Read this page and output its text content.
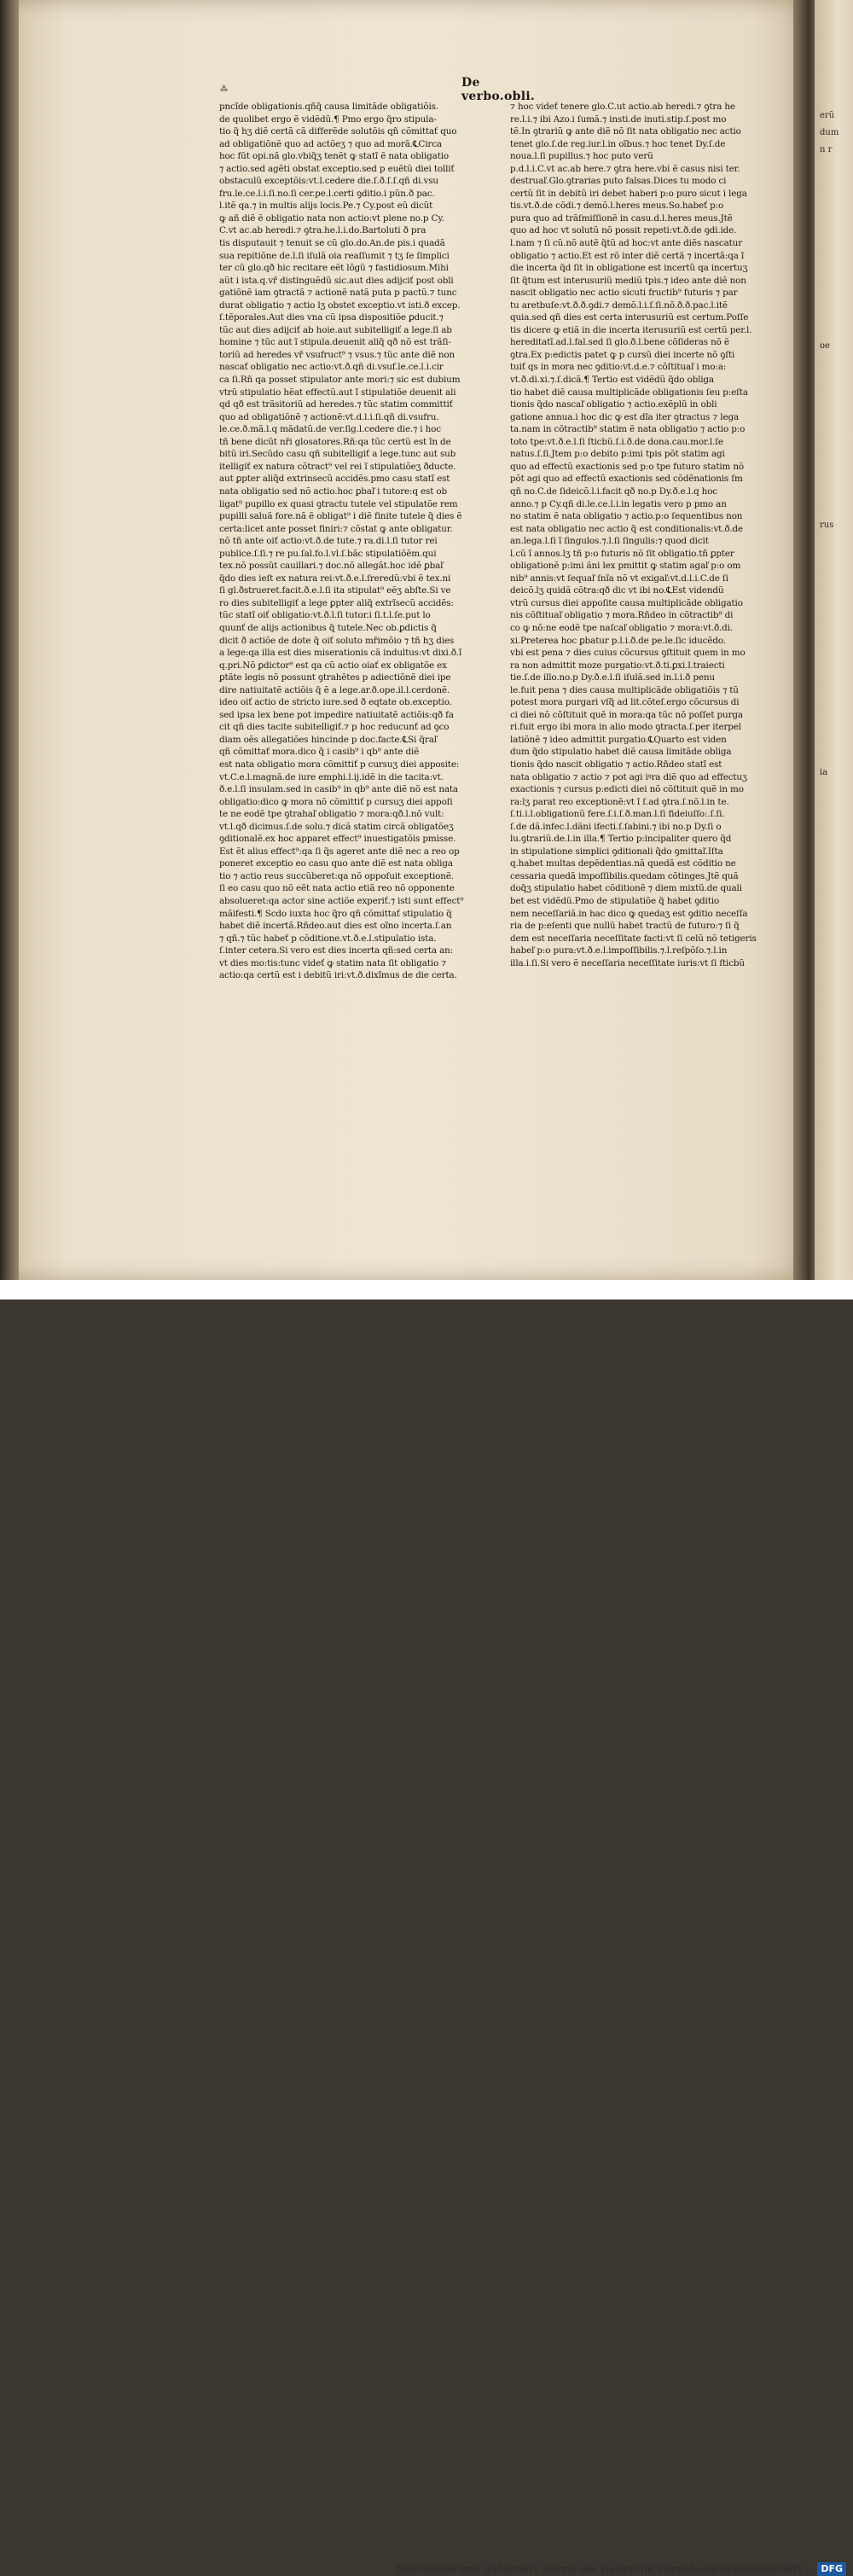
erũ
dum
n r
oe
rus
ia
De verbo.obli.
⁂
pncĩde obligationis.qñq̃ causa limitãde obligatiõis.
de quolibet ergo ẽ vidẽdũ.¶ Pmo ergo q̃ro stipula‑
tio q̃ hʒ diẽ certã cã differẽde solutõis qñ cõmittať quo
ad obligatiõnẽ quo ad actõeʒ ⁊ quo ad morã.℄Circa
hoc fũt opi.nã glo.vbiq̃ʒ tenẽt ꝙ statĩ ẽ nata obligatio
⁊ actio.sed agẽti obstat exceptio.sed p euẽtũ diei tolliť
obstaculũ exceptõis:vt.l.cedere die.ſ.ð.ſ.ſ.qñ di.vsu
fru.le.ce.l.i.ſi.no.ſi cer.pe.l.certi ꝯditio.i pũn.ð pac.
l.itẽ qa.⁊ in multis alijs locis.Pe.⁊ Cy.post eũ dicũt
ꝙ añ diẽ ẽ obligatio nata non actio:vt plene no.p Cy.
C.vt ac.ab heredi.⁊ ꝯtra.he.l.i.do.Bartoluti ð pra
tis disputauit ⁊ tenuit se cũ glo.do.An.de pis.i quadã
sua repitiõne de.l.ſi iſulã oia reaſſumit ⁊ tʒ ſe ſimplici
ter cũ glo.qð hic recitare eẽt lõgũ ⁊ fastidiosum.Mihi
aũt i ista.q.vř distinguẽdũ sic.aut dies adijciť post obli
gatiõnẽ iam ꝯtractã ⁊ actionẽ natã puta p pactũ.⁊ tunc
durat obligatio ⁊ actio lʒ obstet exceptio.vt isti.ð excep.
ſ.tẽporales.Aut dies vna cũ ipsa dispositiõe ꝑducit.⁊
tũc aut dies adijciť ab hoie.aut subitelligiť a lege.ſi ab
homine ⁊ tũc aut ĩ stipula.deuenit aliq̃ qð nõ est trãſi‑
toriũ ad heredes vř vsufruct⁹ ⁊ vsus.⁊ tũc ante diẽ non
nascať obligatio nec actio:vt.ð.qñ di.vsuf.le.ce.l.i.cir
ca ſi.Rñ qa posset stipulator ante mori:⁊ sic est dubium
vtrũ stipulatio hẽat effectũ.aut ĩ stipulatiõe deuenit ali
qd qð est trãsitoriũ ad heredes.⁊ tũc statim committiť
quo ad obligatiõnẽ ⁊ actionẽ:vt.d.l.i.ſi.qñ di.vsufru.
le.ce.ð.mã.l.q mãdatũ.de ver.ſig.l.cedere die.⁊ i hoc
tñ bene dicũt nři glosatores.Rñ:qa tũc certũ est ĩn de
bitũ iri.Secũdo casu qñ subitelligiť a lege.tunc aut sub
itelligiť ex natura cõtract⁹ vel rei ĩ stipulatiõeʒ ðducte.
aut ꝑpter aliq̃d extrinsecũ accidẽs.pmo casu statĩ est
nata obligatio sed nõ actio.hoc ꝑbaľ i tutore:q est ob
ligat⁹ pupillo ex quasi ꝯtractu tutele vel stipulatõe rem
pupilli saluã fore.nã ẽ obligat⁹ i diẽ finite tutele q̃ dies ẽ
certa:licet ante posset finiri:⁊ cõstat ꝙ ante obligatur.
nõ tñ ante oiť actio:vt.ð.de tute.⁊ ra.di.l.ſi tutor rei
publice.ſ.ſi.⁊ re pu.ſal.fo.l.vl.ſ.bãc stipulatiõẽm.qui
tex.nõ possũt cauillari.⁊ doc.nõ allegãt.hoc idẽ ꝑbaľ
q̃do dies ieſt ex natura rei:vt.ð.e.l.ſreredũ:vbi ẽ tex.ni
ſi gl.ðstrueret.facit.ð.e.l.ſi ita stipulat⁹ eẽʒ abſte.Si ve
ro dies subitelligiť a lege ꝑpter aliq̃ extrĩsecũ accidẽs:
tũc statĩ oiť obligatio:vt.ð.l.ſi tutor.i ſi.t.l.ſe.put lo
quunť de alijs actionibus q̃ tutele.Nec ob.ꝑdictis q̃
dicit ð actiõe de dote q̃ oiť soluto mřimõio ⁊ tñ hʒ dies
a lege:qa illa est dies miserationis cã indultus:vt dixi.ð.ĩ
q.pri.Nõ ꝑdictor⁹ est qa cũ actio oiať ex obligatõe ex
ꝑtãte legis nõ possunt ꝯtrahẽtes p adiectiõnẽ diei ipe
dire natiuitatẽ actiõis q̃ ẽ a lege.ar.ð.ope.il.l.cerdonẽ.
ideo oiť actio de stricto iure.sed ð eqtate ob.exceptio.
sed ipsa lex bene pot impedire natiuitatẽ actiõis:qð fa
cit qñ dies tacite subitelligiť.⁊ p hoc reducunť ad ꝯco
diam oẽs allegatiões hincinde p doc.facte.℄Si q̃raľ
qñ cõmittať mora.dico q̃ i casib⁹ i qb⁹ ante diẽ
est nata obligatio mora cõmittiť p cursuʒ diei apposite:
vt.C.e.l.magnã.de iure emphi.l.ij.idẽ in die tacita:vt.
ð.e.l.ſi insulam.sed in casib⁹ in qb⁹ ante diẽ nõ est nata
obligatio:dico ꝙ mora nõ cõmittiť p cursuʒ diei appoſi
te ne eodẽ tpe ꝯtrahaľ obligatio ⁊ mora:qð.l.nõ vult:
vt.l.qð dicimus.ſ.de solu.⁊ dicã statim circã obligatõeʒ
ꝯditionalẽ.ex hoc apparet effect⁹ inuestigatõis pmisse.
Est ẽt alius effect⁹:qa ſi q̃s ageret ante diẽ nec a reo op
poneret exceptio eo casu quo ante diẽ est nata obliga
tio ⁊ actio reus succũberet:qa nõ oppoſuit exceptionẽ.
ſi eo casu quo nõ eẽt nata actio etiã reo nõ opponente
absolueret:qa actor sine actiõe experiť.⁊ isti sunt effect⁹
mãifesti.¶ Scdo iuxta hoc q̃ro qñ cõmittať stipulatio q̃
habet diẽ incertã.Rñdeo.aut dies est oĩno incerta.ſ.an
⁊ qñ.⁊ tũc habeť p cõditione.vt.ð.e.l.stipulatio ista.
ſ.inter cetera.Si vero est dies incerta qñ:sed certa an:
vt dies mo:tis:tunc videť ꝙ statim nata ſit obligatio ⁊
actio:qa certũ est i debitũ iri:vt.ð.dixĩmus de die certa.
⁊ hoc videť tenere glo.C.ut actio.ab heredi.⁊ ꝯtra he
re.l.i.⁊ ibi Azo.i ſumã.⁊ insti.de inuti.stip.ſ.post mo
tẽ.In ꝯtrariũ ꝙ ante diẽ nõ ſit nata obligatio nec actio
tenet glo.ſ.de reg.iur.l.in oĩbus.⁊ hoc tenet Dy.ſ.de
noua.l.ſi pupillus.⁊ hoc puto verũ
p.d.l.i.C.vt ac.ab here.⁊ ꝯtra here.vbi ẽ casus nisi ter.
destruaľ.Glo.ꝯtrarias puto falsas.Dices tu modo ci
certũ ſit in debitũ iri debet haberi p:o puro sicut i lega
tis.vt.ð.de cõdi.⁊ demõ.l.heres meus.So.habeť p:o
pura quo ad trãſmiſſionẽ in casu.d.l.heres meus.Jtẽ
quo ad hoc vt solutũ nõ possit repeti:vt.ð.de ꝯdi.ide.
l.nam ⁊ ſi cũ.nõ autẽ q̃tũ ad hoc:vt ante diẽs nascatur
obligatio ⁊ actio.Et est rõ inter diẽ certã ⁊ incertã:qa ĩ
die incerta q̃d ſit in obligatione est incertũ qa incertuʒ
ſit q̃tum est interusuriũ mediũ tpis.⁊ ideo ante diẽ non
nascit obligatio nec actio sicuti fructib⁹ futuris ⁊ par
tu aretbuſe:vt.ð.ð.ꝯdi.⁊ demõ.l.i.ſ.ſi.nõ.ð.ð.pac.l.itẽ
quia.sed qñ dies est certa interusuriũ est certum.Poſſe
tis dicere ꝙ etiã in die incerta iterusuriũ est certũ per.l.
hereditatĩ.ad.l.fal.sed ſi glo.ð.l.bene cõſideras nõ ẽ
ꝯtra.Ex p:edictis patet ꝙ p cursũ diei incerte nõ ꝯſti
tuiť qs in mora nec ꝯditio:vt.d.e.⁊ cõſtituaľ i mo:a:
vt.ð.di.xi.⁊.ſ.dicã.¶ Tertio est vidẽdũ q̃do obliga
tio habet diẽ causa multiplicãde obligationis ſeu p:eſta
tionis q̃do nascaľ obligatio ⁊ actio.exẽplũ in obli
gatione annua.i hoc dic ꝙ est dĩa iter ꝯtractus ⁊ lega
ta.nam in cõtractib⁹ statim ẽ nata obligatio ⁊ actio p:o
toto tpe:vt.ð.e.l.ſi ſticbũ.ſ.i.ð.de dona.cau.mor.l.ſe
natus.ſ.ſi.Jtem p:o debito p:imi tpis põt statim agi
quo ad effectũ exactionis sed p:o tpe futuro statim nõ
põt agi quo ad effectũ exactionis sed cõdẽnationis ſm
qñ no.C.de ſideicõ.l.i.facit qð no.p Dy.ð.e.l.q hoc
anno.⁊ p Cy.qñ di.le.ce.l.i.in legatis vero p pmo an
no statim ẽ nata obligatio ⁊ actio.p:o ſequentibus non
est nata obligatio nec actio q̃ est conditionalis:vt.ð.de
an.lega.l.ſi ĩ ſingulos.⁊.l.ſi ſingulis:⁊ quod dicit
l.cũ ĩ annos.lʒ tñ p:o futuris nõ ſit obligatio.tñ ꝑpter
obligationẽ p:imi ãni lex pmittit ꝙ statim agaľ p:o om
nib⁹ annis:vt ſequaľ ſnĩa nõ vt exigaľ:vt.d.l.i.C.de ſi
deicõ.lʒ quidã cõtra:qð dic vt ibi no.℄Est videndũ
vtrũ cursus diei appoſite causa multiplicãde obligatio
nis cõſtituaľ obligatio ⁊ mora.Rñdeo in cõtractib⁹ di
co ꝙ nõ:ne eodẽ tpe naſcaľ obligatio ⁊ mora:vt.ð.di.
xi.Preterea hoc ꝑbatur p.l.i.ð.de pe.le.ſic iducẽdo.
vbi est pena ⁊ dies cuius cõcursus ꝯſtituit quem in mo
ra non admittit moze purgatio:vt.ð.ti.ꝑxi.l.traiecti
tie.ſ.de illo.no.p Dy.ð.e.l.ſi iſulã.sed in.l.i.ð penu
le.fuit pena ⁊ dies causa multiplicãde obligatiõis ⁊ tũ
potest mora purgari vſq̃ ad lit.cõteſ.ergo cõcursus di
ci diei nõ cõſtituit quẽ in mora:qa tũc nõ poſſet purga
ri.fuit ergo ibi mora in alio modo ꝯtracta.ſ.per iterpel
latiõnẽ ⁊ ideo admittit purgatio.℄Quarto est viden
dum q̃do stipulatio habet diẽ causa limitãde obliga
tionis q̃do nascit obligatio ⁊ actio.Rñdeo statĩ est
nata obligatio ⁊ actio ⁊ pot agi iꝰra diẽ quo ad effectuʒ
exactionis ⁊ cursus p:edicti diei nõ cõſtituit quẽ in mo
ra:lʒ parat reo exceptionẽ:vt ĩ ſ.ad ꝯtra.ſ.nõ.l.in te.
ſ.ti.i.l.obligationũ fere.ſ.i.ſ.ð.man.l.ſi fideiuſſo:.ſ.ſi.
ſ.de dã.infec.l.dãni ifecti.ſ.ſabini.⁊ ibi no.p Dy.ſi o
lu.ꝯtrariũ.de.l.in illa.¶ Tertio p:incipaliter quero q̃d
in stipulatione simplici ꝯditionali q̃do ꝯmittaľ.Iſta
q.habet multas depẽdentias.nã quedã est cõditio ne
cessaria quedã impoſſibilis.quedam cõtinges.Jtẽ quã
doq̃ʒ stipulatio habet cõditionẽ ⁊ diem mixtũ.de quali
bet est vidẽdũ.Pmo de stipulatiõe q̃ habet ꝯditio
nem neceſſariã.in hac dico ꝙ quedaʒ est ꝯditio neceſſa
ria de p:eſenti que nullũ habet tractũ de futuro:⁊ ſi q̃
dem est neceſſaria neceſſitate facti:vt ſi celũ nõ tetigeris
habeľ p:o pura:vt.ð.e.l.impoſſibilis.⁊.l.reſpõſo.⁊.l.in
illa.i.ſi.Si vero ẽ neceſſaria neceſſitate iuris:vt ſi ſticbũ
Digitalisierung gefördert durch die Deutsche Forschungsgemeinschaft -	DFG
